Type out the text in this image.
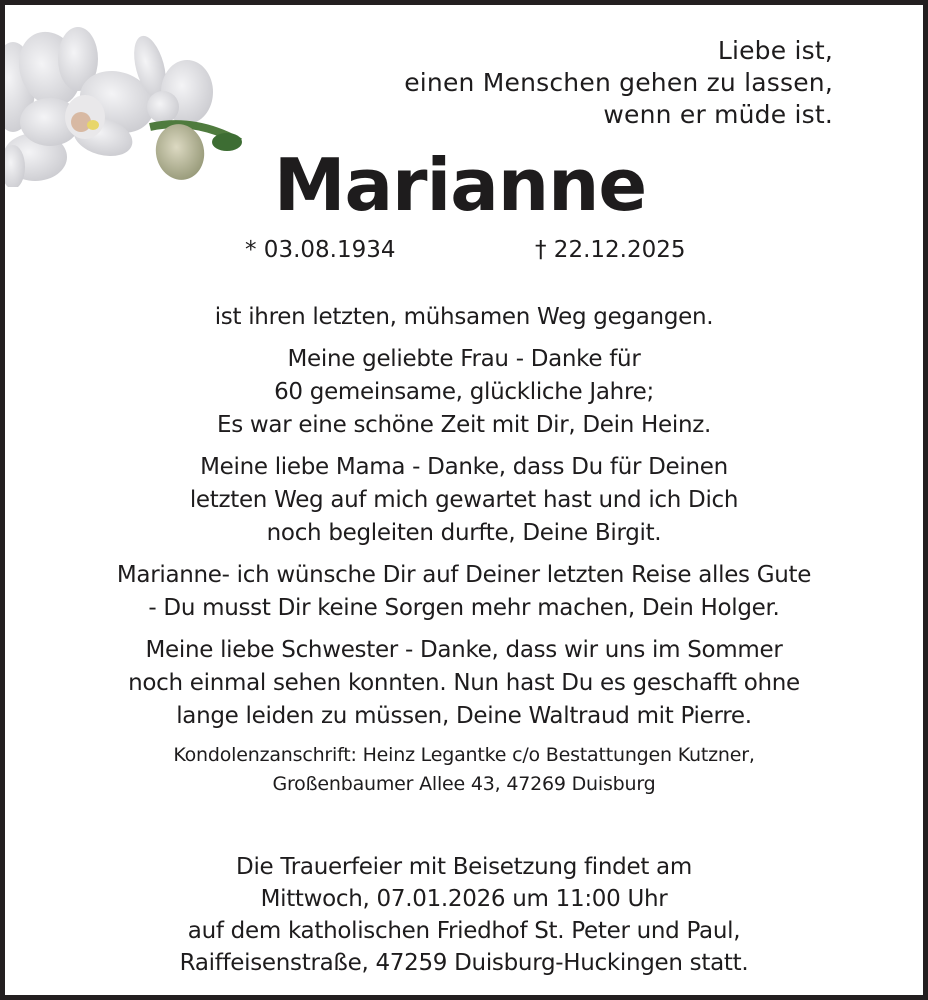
Liebe ist,
einen Menschen gehen zu lassen,
wenn er müde ist.
Marianne
* 03.08.1934	† 22.12.2025
ist ihren letzten, mühsamen Weg gegangen.
Meine geliebte Frau - Danke für
60 gemeinsame, glückliche Jahre;
Es war eine schöne Zeit mit Dir, Dein Heinz.
Meine liebe Mama - Danke, dass Du für Deinen
letzten Weg auf mich gewartet hast und ich Dich
noch begleiten durfte, Deine Birgit.
Marianne- ich wünsche Dir auf Deiner letzten Reise alles Gute
- Du musst Dir keine Sorgen mehr machen, Dein Holger.
Meine liebe Schwester - Danke, dass wir uns im Sommer
noch einmal sehen konnten. Nun hast Du es geschafft ohne
lange leiden zu müssen, Deine Waltraud mit Pierre.
Kondolenzanschrift: Heinz Legantke c/o Bestattungen Kutzner,
Großenbaumer Allee 43, 47269 Duisburg
Die Trauerfeier mit Beisetzung findet am
Mittwoch, 07.01.2026 um 11:00 Uhr
auf dem katholischen Friedhof St. Peter und Paul,
Raiffeisenstraße, 47259 Duisburg-Huckingen statt.
